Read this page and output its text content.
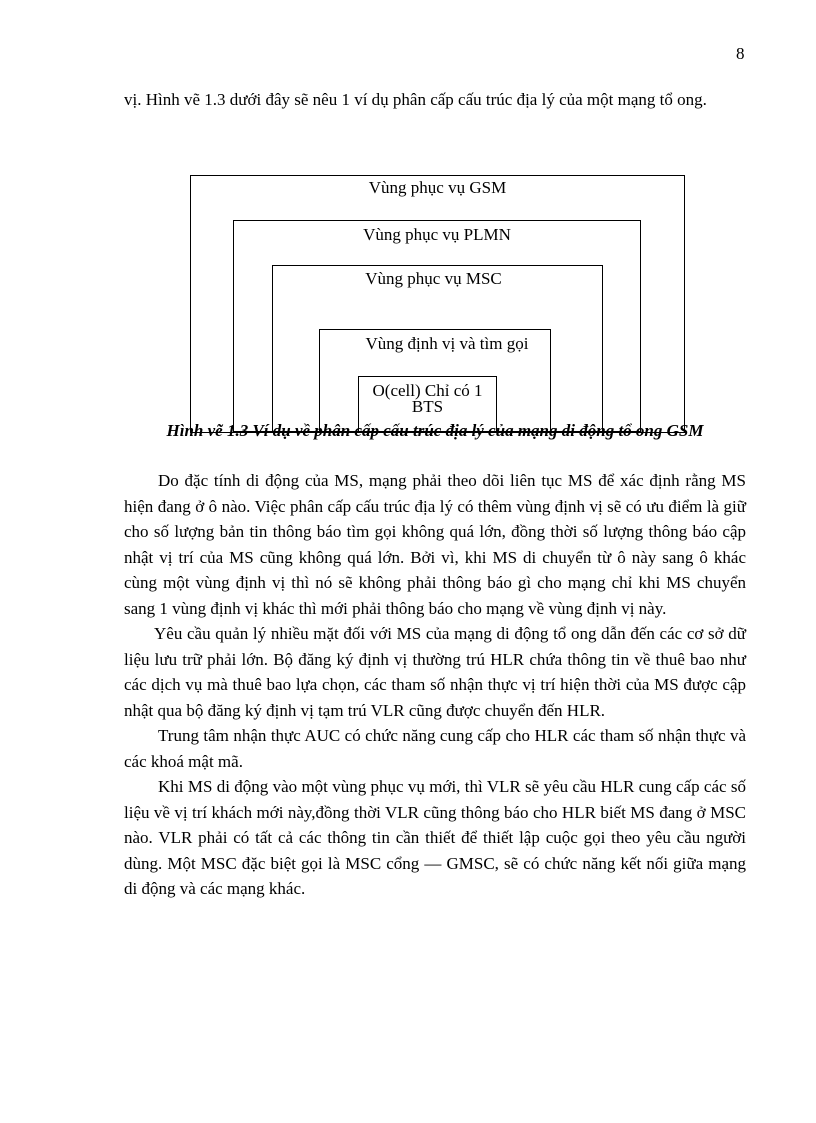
8

vị. Hình vẽ 1.3 dưới đây sẽ nêu 1 ví dụ phân cấp cấu trúc địa lý của một mạng tổ ong.

Vùng phục vụ GSM
Vùng phục vụ PLMN
Vùng phục vụ MSC
Vùng định vị và tìm gọi
O(cell) Chỉ có 1 BTS
Hình vẽ 1.3 Ví dụ về phân cấp cấu trúc địa lý của mạng di động tổ ong GSM

Do đặc tính di động của MS, mạng phải theo dõi liên tục MS để xác định rằng MS hiện đang ở ô nào. Việc phân cấp cấu trúc địa lý có thêm vùng định vị sẽ có ưu điểm là giữ cho số lượng bản tin thông báo tìm gọi không quá lớn, đồng thời số lượng thông báo cập nhật vị trí của MS cũng không quá lớn. Bởi vì, khi MS di chuyển từ ô này sang ô khác cùng một vùng định vị thì nó sẽ không phải thông báo gì cho mạng chỉ khi MS chuyển sang 1 vùng định vị khác thì mới phải thông báo cho mạng về vùng định vị này.

Yêu cầu quản lý nhiều mặt đối với MS của mạng di động tổ ong dẫn đến các cơ sở dữ liệu lưu trữ phải lớn. Bộ đăng ký định vị thường trú HLR chứa thông tin về thuê bao như các dịch vụ mà thuê bao lựa chọn, các tham số nhận thực vị trí hiện thời của MS được cập nhật qua bộ đăng ký định vị tạm trú VLR cũng được chuyển đến HLR.

Trung tâm nhận thực AUC có chức năng cung cấp cho HLR các tham số nhận thực và các khoá mật mã.

Khi MS di động vào một vùng phục vụ mới, thì VLR sẽ yêu cầu HLR cung cấp các số liệu về vị trí khách mới này,đồng thời VLR cũng thông báo cho HLR biết MS đang ở MSC nào. VLR phải có tất cả các thông tin cần thiết để thiết lập cuộc gọi theo yêu cầu người dùng. Một MSC đặc biệt gọi là MSC cổng — GMSC, sẽ có chức năng kết nối giữa mạng di động và các mạng khác.
